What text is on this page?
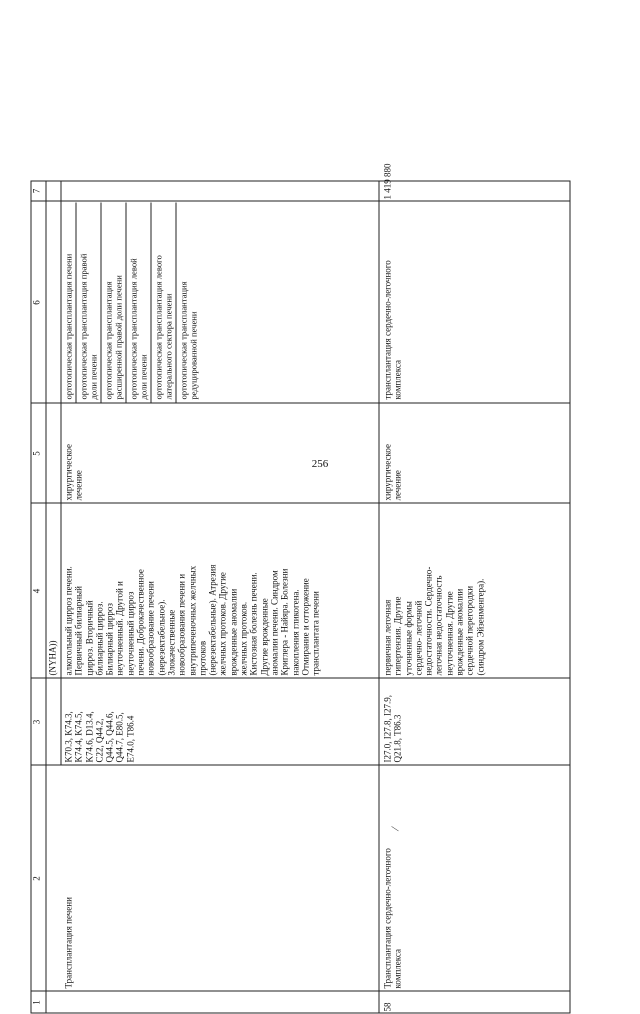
256
1
2
3
4
5
6
7
(NYHA))
Трансплантация печени
K70.3, K74.3,
K74.4, K74.5,
K74.6, D13.4,
C22, Q44.2,
Q44.5, Q44.6,
Q44.7, E80.5,
E74.0, T86.4
алкогольный цирроз печени.
Первичный билиарный
цирроз. Вторичный
билиарный цирроз.
Билиарный цирроз
неуточненный. Другой и
неуточненный цирроз
печени. Доброкачественное
новообразование печени
(нерезектабельное).
Злокачественные
новообразования печени и
внутрипеченочных желчных
протоков
(нерезектабельные). Атрезия
желчных протоков. Другие
врожденные аномалии
желчных протоков.
Кистозная болезнь печени.
Другие врожденные
аномалии печени. Синдром
Криглера - Найяра. Болезни
накопления гликогена.
Отмирание и отторжение
трансплантата печени
хирургическое
лечение
ортотопическая трансплантация печени ортотопическая трансплантация правой
доли печени ортотопическая трансплантация
расширенной правой доли печени
ортотопическая трансплантация левой
доли печени ортотопическая трансплантация левого
латерального сектора печени
ортотопическая трансплантация
редуцированной печени
58
Трансплантация сердечно-легочного
комплекса
I27.0, I27.8, I27.9,
Q21.8, T86.3
первичная легочная
гипертензия. Другие
уточненные формы
сердечно- легочной
недостаточности. Сердечно-
легочная недостаточность
неуточненная. Другие
врожденные аномалии
сердечной перегородки
(синдром Эйзенменгера).
хирургическое
лечение
трансплантация сердечно-легочного
комплекса
1 419 880
⁄
